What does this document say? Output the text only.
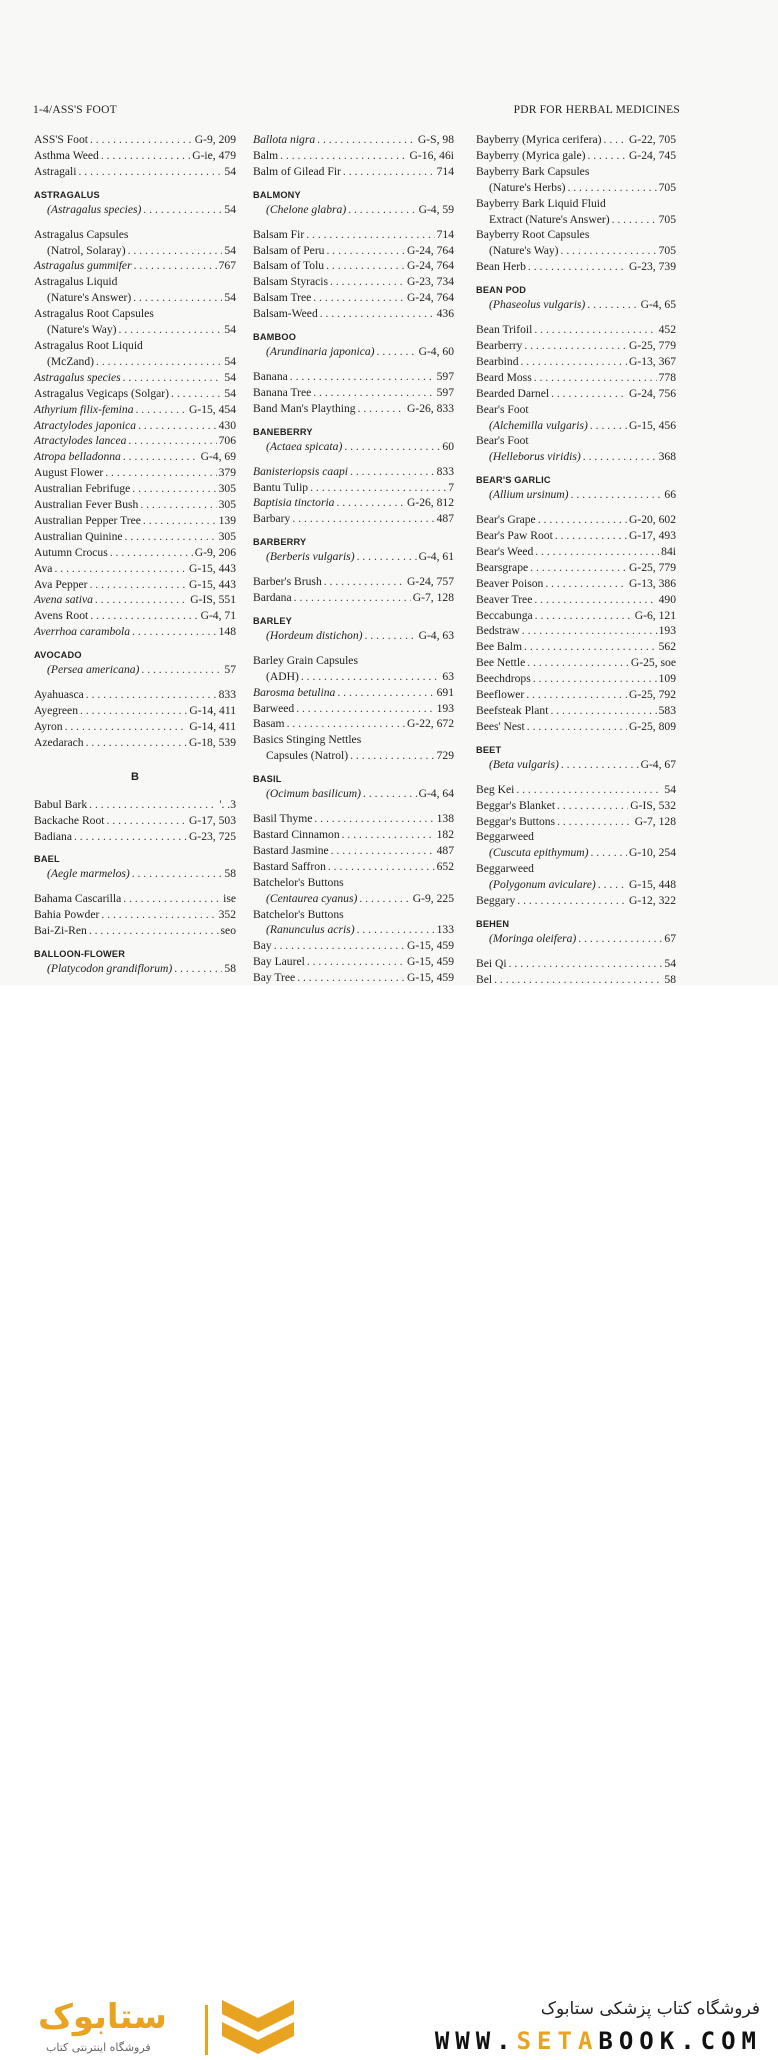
1-4/ASS'S FOOT	PDR FOR HERBAL MEDICINES
ASS'S Foot . . .	G-9, 209
Asthma Weed . . .	G-ie, 479
Astragali . . .	54
ASTRAGALUS
(Astragalus species) . . .	54
Astragalus Capsules
(Natrol, Solaray) . . .	54
Astragalus gummifer . . .	767
Astragalus Liquid
(Nature's Answer) . . .	54
Astragalus Root Capsules
(Nature's Way) . . .	54
Astragalus Root Liquid
(McZand) . . .	54
Astragalus species . . .	54
Astragalus Vegicaps (Solgar) . . .	54
Athyrium filix-femina . . .	G-15, 454
Atractylodes japonica . . .	430
Atractylodes lancea . . .	706
Atropa belladonna . . .	G-4, 69
August Flower . . .	379
Australian Febrifuge . . .	305
Australian Fever Bush . . .	305
Australian Pepper Tree . . .	139
Australian Quinine . . .	305
Autumn Crocus . . .	G-9, 206
Ava . . .	G-15, 443
Ava Pepper . . .	G-15, 443
Avena sativa . . .	G-IS, 551
Avens Root . . .	G-4, 71
Averrhoa carambola . . .	148
AVOCADO
(Persea americana) . . .	57
Ayahuasca . . .	833
Ayegreen . . .	G-14, 411
Ayron . . .	G-14, 411
Azedarach . . .	G-18, 539
B
Babul Bark . . .	'. .3
Backache Root . . .	G-17, 503
Badiana . . .	G-23, 725
BAEL
(Aegle marmelos) . . .	58
Bahama Cascarilla . . .	ise
Bahia Powder . . .	352
Bai-Zi-Ren . . .	seo
BALLOON-FLOWER
(Platycodon grandiflorum) . . .	58
Ballota nigra . . .	G-S, 98
Balm . . .	G-16, 46i
Balm of Gilead Fir . . .	714
BALMONY
(Chelone glabra) . . .	G-4, 59
Balsam Fir . . .	714
Balsam of Peru . . .	G-24, 764
Balsam of Tolu . . .	G-24, 764
Balsam Styracis . . .	G-23, 734
Balsam Tree . . .	G-24, 764
Balsam-Weed . . .	436
BAMBOO
(Arundinaria japonica) . . .	G-4, 60
Banana . . .	597
Banana Tree . . .	597
Band Man's Plaything . . .	G-26, 833
BANEBERRY
(Actaea spicata) . . .	60
Banisteriopsis caapi . . .	833
Bantu Tulip . . .	7
Baptisia tinctoria . . .	G-26, 812
Barbary . . .	487
BARBERRY
(Berberis vulgaris) . . .	G-4, 61
Barber's Brush . . .	G-24, 757
Bardana . . .	G-7, 128
BARLEY
(Hordeum distichon) . . .	G-4, 63
Barley Grain Capsules
(ADH) . . .	63
Barosma betulina . . .	691
Barweed . . .	193
Basam . . .	G-22, 672
Basics Stinging Nettles
Capsules (Natrol) . . .	729
BASIL
(Ocimum basilicum) . . .	G-4, 64
Basil Thyme . . .	138
Bastard Cinnamon . . .	182
Bastard Jasmine . . .	487
Bastard Saffron . . .	652
Batchelor's Buttons
(Centaurea cyanus) . . .	G-9, 225
Batchelor's Buttons
(Ranunculus acris) . . .	133
Bay . . .	G-15, 459
Bay Laurel . . .	G-15, 459
Bay Tree . . .	G-15, 459
Bayberry (Myrica cerifera) . . . G-22, 705
Bayberry (Myrica gale) . . .	G-24, 745
Bayberry Bark Capsules
(Nature's Herbs) . . .	705
Bayberry Bark Liquid Fluid
Extract (Nature's Answer) . . .	705
Bayberry Root Capsules
(Nature's Way) . . .	705
Bean Herb . . .	G-23, 739
BEAN POD
(Phaseolus vulgaris) . . .	G-4, 65
Bean Trifoil . . .	452
Bearberry . . .	G-25, 779
Bearbind . . .	G-13, 367
Beard Moss . . .	778
Bearded Darnel . . .	G-24, 756
Bear's Foot
(Alchemilla vulgaris) . . .	G-15, 456
Bear's Foot
(Helleborus viridis) . . .	368
BEAR'S GARLIC
(Allium ursinum) . . .	66
Bear's Grape . . .	G-20, 602
Bear's Paw Root . . .	G-17, 493
Bear's Weed . . .	84i
Bearsgrape . . .	G-25, 779
Beaver Poison . . .	G-13, 386
Beaver Tree . . .	490
Beccabunga . . .	G-6, 121
Bedstraw . . .	193
Bee Balm . . .	562
Bee Nettle . . .	G-25, soe
Beechdrops . . .	109
Beeflower . . .	G-25, 792
Beefsteak Plant . . .	583
Bees' Nest . . .	G-25, 809
BEET
(Beta vulgaris) . . .	G-4, 67
Beg Kei . . .	54
Beggar's Blanket . . .	G-IS, 532
Beggar's Buttons . . .	G-7, 128
Beggarweed
(Cuscuta epithymum) . . .	G-10, 254
Beggarweed
(Polygonum aviculare) . . .	G-15, 448
Beggary . . .	G-12, 322
BEHEN
(Moringa oleifera) . . .	67
Bei Qi . . .	54
Bel . . .	58
ستابوک
فروشگاه اینترنتی کتاب
فروشگاه کتاب پزشکی ستابوک
WWW.SETABOOK.COM
